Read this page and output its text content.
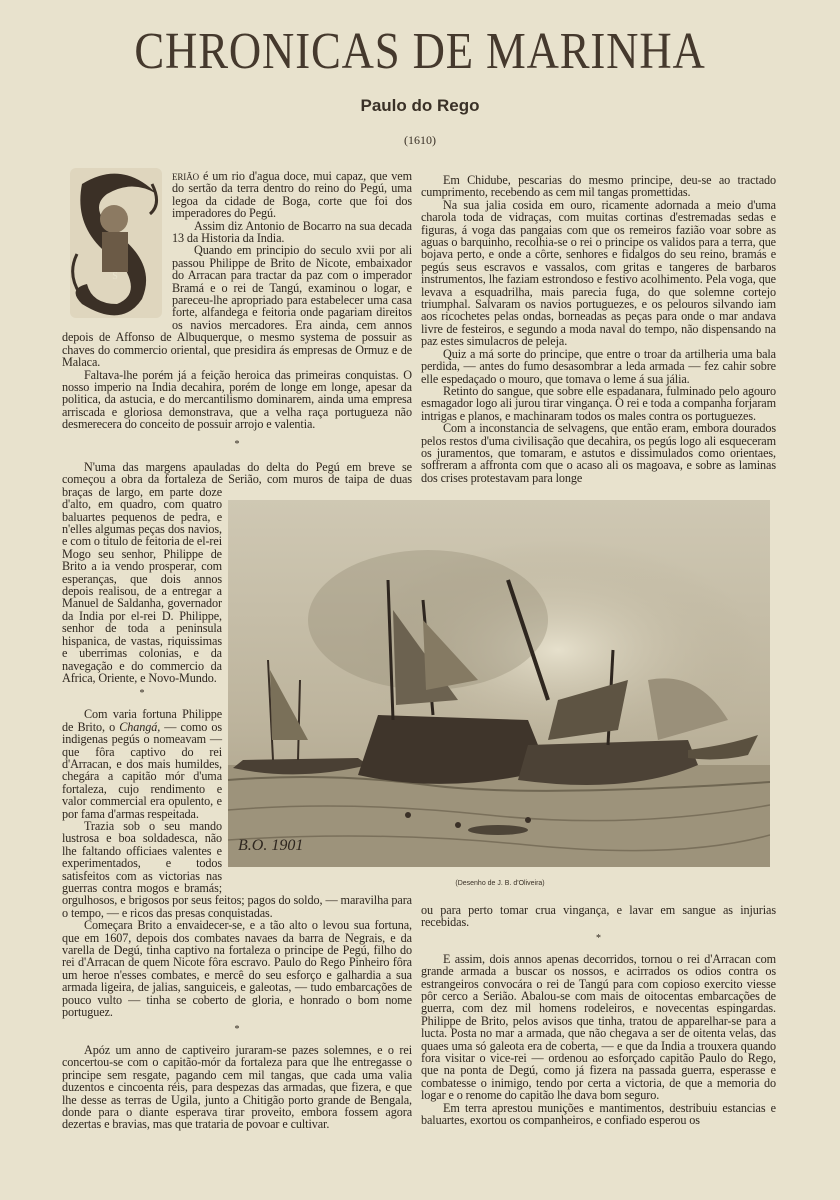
CHRONICAS DE MARINHA
Paulo do Rego
(1610)
S

erião é um rio d'agua doce, mui capaz, que vem do sertão da terra dentro do reino do Pegú, uma legoa da cidade de Boga, corte que foi dos imperadores do Pegú.

Assim diz Antonio de Bocarro na sua decada 13 da Historia da India.

Quando em principio do seculo xvii por ali passou Philippe de Brito de Nicote, embaixador do Arracan para tractar da paz com o imperador Bramá e o rei de Tangú, examinou o logar, e pareceu-lhe apropriado para estabelecer uma casa forte, alfandega e feitoria onde pagariam direitos os navios mercadores. Era ainda, cem annos depois de Affonso de Albuquerque, o mesmo systema de possuir as chaves do commercio oriental, que presidira ás empresas de Ormuz e de Malaca.

Faltava-lhe porém já a feição heroica das primeiras conquistas. O nosso imperio na India decahira, porém de longe em longe, apesar da politica, da astucia, e do mercantilismo dominarem, ainda uma empresa arriscada e gloriosa demonstrava, que a velha raça portugueza não desmerecera do conceito de possuir arrojo e valentia.

*

N'uma das margens apauladas do delta do Pegú em breve se começou a obra da fortaleza de Serião, com muros de taipa de duas braças de largo, em parte doze d'alto, em quadro, com quatro baluartes pequenos de pedra, e n'elles algumas peças dos navios, e com o titulo de feitoria de el-rei Mogo seu senhor, Philippe de Brito a ia vendo prosperar, com esperanças, que dois annos depois realisou, de a entregar a Manuel de Saldanha, governador da India por el-rei D. Philippe, senhor de toda a peninsula hispanica, de vastas, riquissimas e uberrimas colonias, e da navegação e do commercio da Africa, Oriente, e Novo-Mundo.

*

Com varia fortuna Philippe de Brito, o Changá, — como os indigenas pegús o nomeavam — que fôra captivo do rei d'Arracan, e dos mais humildes, chegára a capitão mór d'uma fortaleza, cujo rendimento e valor commercial era opulento, e por fama d'armas respeitada.

Trazia sob o seu mando lustrosa e boa soldadesca, não lhe faltando officiaes valentes e experimentados, e todos satisfeitos com as victorias nas guerras contra mogos e bramás; orgulhosos, e brigosos por seus feitos; pagos do soldo, — maravilha para o tempo, — e ricos das presas conquistadas.

Começara Brito a envaidecer-se, e a tão alto o levou sua fortuna, que em 1607, depois dos combates navaes da barra de Negrais, e da varella de Degú, tinha captivo na fortaleza o principe de Pegú, filho do rei d'Arracan de quem Nicote fôra escravo. Paulo do Rego Pinheiro fôra um heroe n'esses combates, e mercê do seu esforço e galhardia a sua armada ligeira, de jalias, sanguiceis, e galeotas, — tudo embarcações de pouco vulto — tinha se coberto de gloria, e honrado o bom nome portuguez.

*

Apóz um anno de captiveiro juraram-se pazes solemnes, e o rei concertou-se com o capitão-mór da fortaleza para que lhe entregasse o principe sem resgate, pagando cem mil tangas, que cada uma valia duzentos e cincoenta réis, para despezas das armadas, que fizera, e que lhe desse as terras de Ugila, junto a Chitigão porto grande de Bengala, donde para o diante esperava tirar proveito, embora fossem agora dezertas e bravias, mas que trataria de povoar e cultivar.

Em Chidube, pescarias do mesmo principe, deu-se ao tractado cumprimento, recebendo as cem mil tangas promettidas.

Na sua jalia cosida em ouro, ricamente adornada a meio d'uma charola toda de vidraças, com muitas cortinas d'estremadas sedas e figuras, á voga das pangaias com que os remeiros fazião voar sobre as aguas o barquinho, recolhia-se o rei o principe os validos para a terra, que bojava perto, e onde a côrte, senhores e fidalgos do seu reino, bramás e pegús seus escravos e vassalos, com gritas e tangeres de barbaros instrumentos, lhe faziam estrondoso e festivo acolhimento. Pela voga, que levava a esquadrilha, mais parecia fuga, do que solemne cortejo triumphal. Salvaram os navios portuguezes, e os pelouros silvando iam aos ricochetes pelas ondas, borneadas as peças para onde o mar andava livre de festeiros, e segundo a moda naval do tempo, não dispensando na paz estes simulacros de peleja.

Quiz a má sorte do principe, que entre o troar da artilheria uma bala perdida, — antes do fumo desasombrar a leda armada — fez cahir sobre elle espedaçado o mouro, que tomava o leme á sua jália.

Retinto do sangue, que sobre elle espadanara, fulminado pelo agouro esmagador logo ali jurou tirar vingança. O rei e toda a companha forjaram intrigas e planos, e machinaram todos os males contra os portuguezes.

Com a inconstancia de selvagens, que então eram, embora dourados pelos restos d'uma civilisação que decahira, os pegús logo ali esqueceram os juramentos, que tomaram, e astutos e dissimulados como orientaes, soffreram a affronta com que o acaso ali os magoava, e sobre as laminas dos crises protestavam para longe

B.O. 1901
(Desenho de J. B. d'Oliveira)

ou para perto tomar crua vingança, e lavar em sangue as injurias recebidas.

*

E assim, dois annos apenas decorridos, tornou o rei d'Arracan com grande armada a buscar os nossos, e acirrados os odios contra os estrangeiros convocára o rei de Tangú para com copioso exercito viesse pôr cerco a Serião. Abalou-se com mais de oitocentas embarcações de guerra, com dez mil homens rodeleiros, e novecentas espingardas. Philippe de Brito, pelos avisos que tinha, tratou de apparelhar-se para a lucta. Posta no mar a armada, que não chegava a ser de oitenta velas, das quaes uma só galeota era de coberta, — e que da India a trouxera quando fora visitar o vice-rei — ordenou ao esforçado capitão Paulo do Rego, que na ponta de Degú, como já fizera na passada guerra, esperasse e combatesse o inimigo, tendo por certa a victoria, de que a memoria do logar e o renome do capitão lhe dava bom seguro.

Em terra aprestou munições e mantimentos, destribuiu estancias e baluartes, exortou os companheiros, e confiado esperou os
